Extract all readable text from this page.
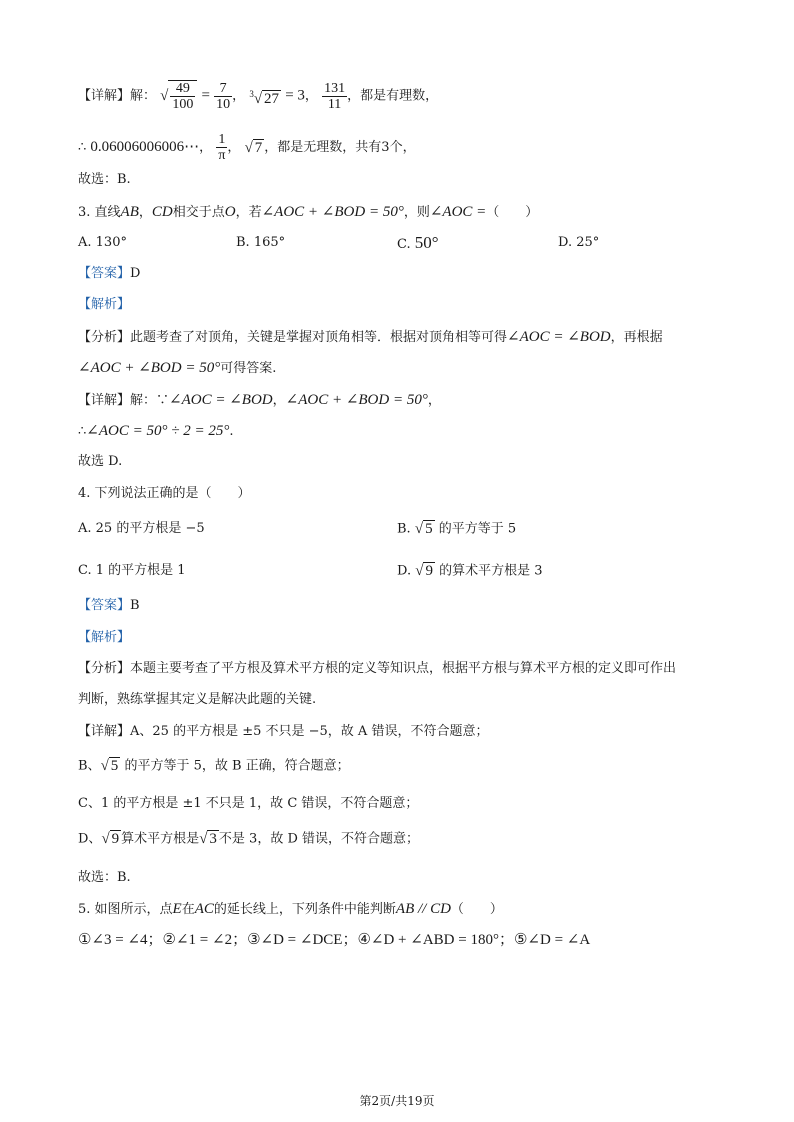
【详解】解： √ $\frac{49}{100} = \frac{7}{10}$ ， $^3$√ 27 = 3， $\frac{131}{11}$ ，都是有理数，
∴ 0.06006006006⋯， $\frac{1}{\pi}$ ， √ 7 ，都是无理数，共有3个，
故选：B.
3. 直线AB，CD相交于点O，若∠AOC + ∠BOD = 50°，则∠AOC =（　　）
A. 130°	B. 165°	C. 50°	D. 25°
【答案】D
【解析】
【分析】此题考查了对顶角，关键是掌握对顶角相等．根据对顶角相等可得∠AOC = ∠BOD，再根据
∠AOC + ∠BOD = 50°可得答案.
【详解】解：∵∠AOC = ∠BOD，∠AOC + ∠BOD = 50°，
∴∠AOC = 50° ÷ 2 = 25°.
故选 D.
4. 下列说法正确的是（　　）
A. 25 的平方根是 −5	B. √ 5 的平方等于 5
C. 1 的平方根是 1	D. √ 9 的算术平方根是 3
【答案】B
【解析】
【分析】本题主要考查了平方根及算术平方根的定义等知识点，根据平方根与算术平方根的定义即可作出
判断，熟练掌握其定义是解决此题的关键.
【详解】A、25 的平方根是 ±5 不只是 −5，故 A 错误，不符合题意；
B、√ 5 的平方等于 5，故 B 正确，符合题意；
C、1 的平方根是 ±1 不只是 1，故 C 错误，不符合题意；
D、√ 9 算术平方根是√ 3 不是 3，故 D 错误，不符合题意；
故选：B.
5. 如图所示，点E在AC的延长线上，下列条件中能判断AB // CD（　　）
①∠3 = ∠4；②∠1 = ∠2；③∠D = ∠DCE；④∠D + ∠ABD = 180°；⑤∠D = ∠A
第2页/共19页
